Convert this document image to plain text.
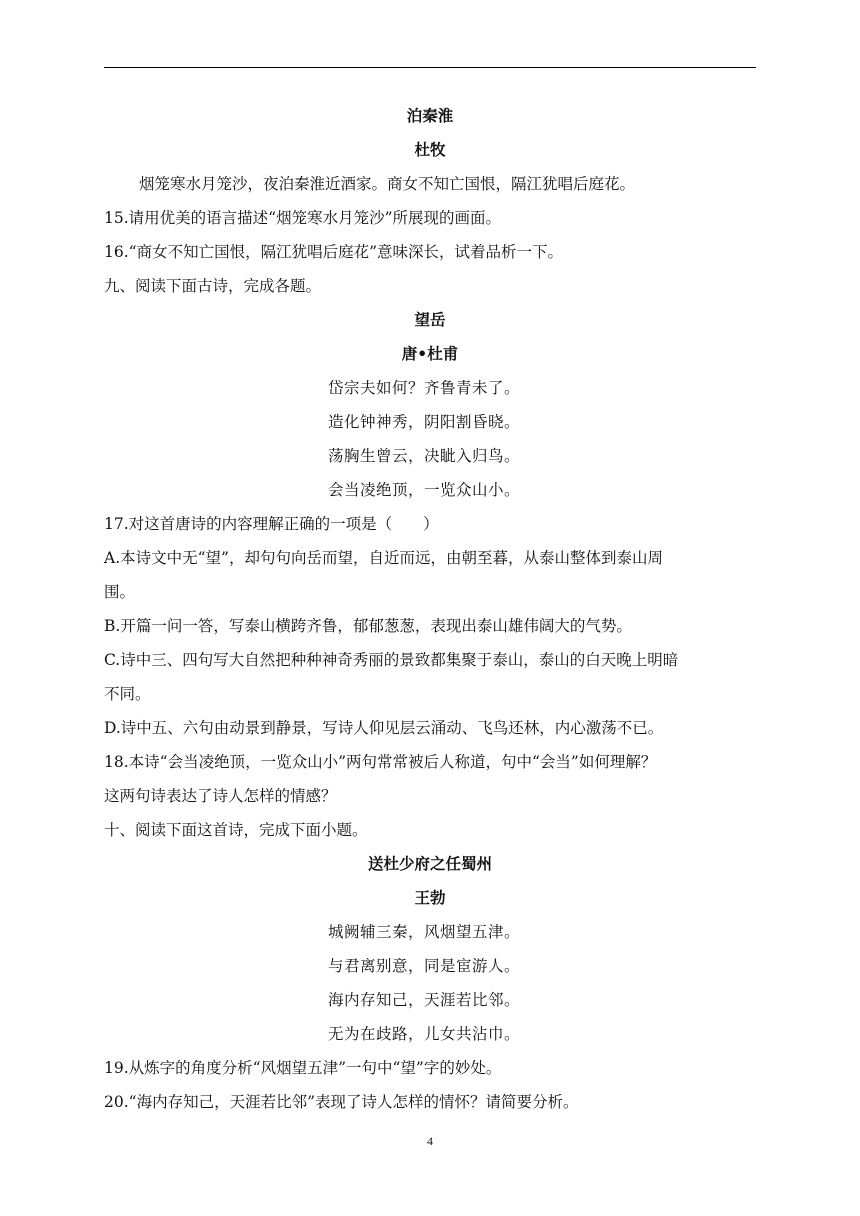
泊秦淮
杜牧
烟笼寒水月笼沙，夜泊秦淮近酒家。商女不知亡国恨，隔江犹唱后庭花。
15.请用优美的语言描述“烟笼寒水月笼沙”所展现的画面。
16.“商女不知亡国恨，隔江犹唱后庭花”意味深长，试着品析一下。
九、阅读下面古诗，完成各题。
望岳
唐•杜甫
岱宗夫如何？齐鲁青未了。
造化钟神秀，阴阳割昏晓。
荡胸生曾云，决眦入归鸟。
会当凌绝顶，一览众山小。
17.对这首唐诗的内容理解正确的一项是（　　）
A.本诗文中无“望”，却句句向岳而望，自近而远，由朝至暮，从泰山整体到泰山周
围。
B.开篇一问一答，写泰山横跨齐鲁，郁郁葱葱，表现出泰山雄伟阔大的气势。
C.诗中三、四句写大自然把种种神奇秀丽的景致都集聚于泰山，泰山的白天晚上明暗
不同。
D.诗中五、六句由动景到静景，写诗人仰见层云涌动、飞鸟还林，内心激荡不已。
18.本诗“会当凌绝顶，一览众山小”两句常常被后人称道，句中“会当”如何理解？
这两句诗表达了诗人怎样的情感？
十、阅读下面这首诗，完成下面小题。
送杜少府之任蜀州
王勃
城阙辅三秦，风烟望五津。
与君离别意，同是宦游人。
海内存知己，天涯若比邻。
无为在歧路，儿女共沾巾。
19.从炼字的角度分析“风烟望五津”一句中“望”字的妙处。
20.“海内存知己，天涯若比邻”表现了诗人怎样的情怀？请简要分析。
4
